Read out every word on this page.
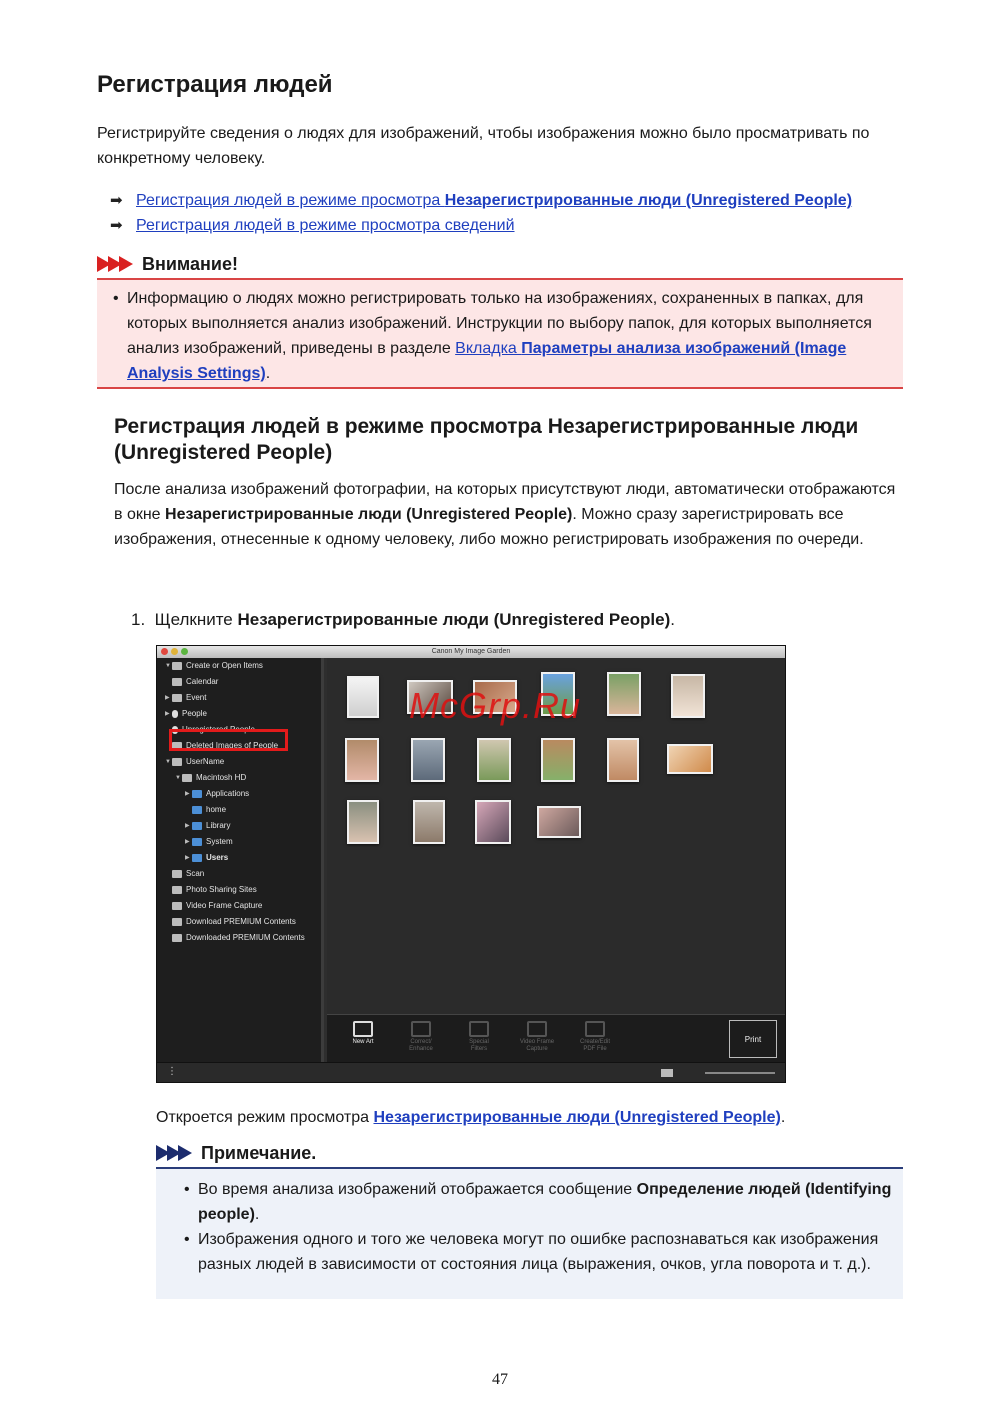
Регистрация людей
Регистрируйте сведения о людях для изображений, чтобы изображения можно было просматривать по конкретному человеку.
➡ Регистрация людей в режиме просмотра Незарегистрированные люди (Unregistered People)
➡ Регистрация людей в режиме просмотра сведений
Внимание!
• Информацию о людях можно регистрировать только на изображениях, сохраненных в папках, для которых выполняется анализ изображений. Инструкции по выбору папок, для которых выполняется анализ изображений, приведены в разделе Вкладка Параметры анализа изображений (Image Analysis Settings).
Регистрация людей в режиме просмотра Незарегистрированные люди (Unregistered People)
После анализа изображений фотографии, на которых присутствуют люди, автоматически отображаются в окне Незарегистрированные люди (Unregistered People). Можно сразу зарегистрировать все изображения, отнесенные к одному человеку, либо можно регистрировать изображения по очереди.
1. Щелкните Незарегистрированные люди (Unregistered People).
Canon My Image Garden
▼ Create or Open Items
Calendar
▶ Event
▶ People
Unregistered People
Deleted Images of People
▼ UserName
▼ Macintosh HD
▶ Applications
home
▶ Library
▶ System
▶ Users
Scan
Photo Sharing Sites
Video Frame Capture
Download PREMIUM Contents
Downloaded PREMIUM Contents
New Art	Correct/
Enhance
Special
Filters
Video Frame
Capture
Create/Edit
PDF File
Print
⋮
McGrp.Ru
Откроется режим просмотра Незарегистрированные люди (Unregistered People).
Примечание.
• Во время анализа изображений отображается сообщение Определение людей (Identifying people).
• Изображения одного и того же человека могут по ошибке распознаваться как изображения разных людей в зависимости от состояния лица (выражения, очков, угла поворота и т. д.).
47
